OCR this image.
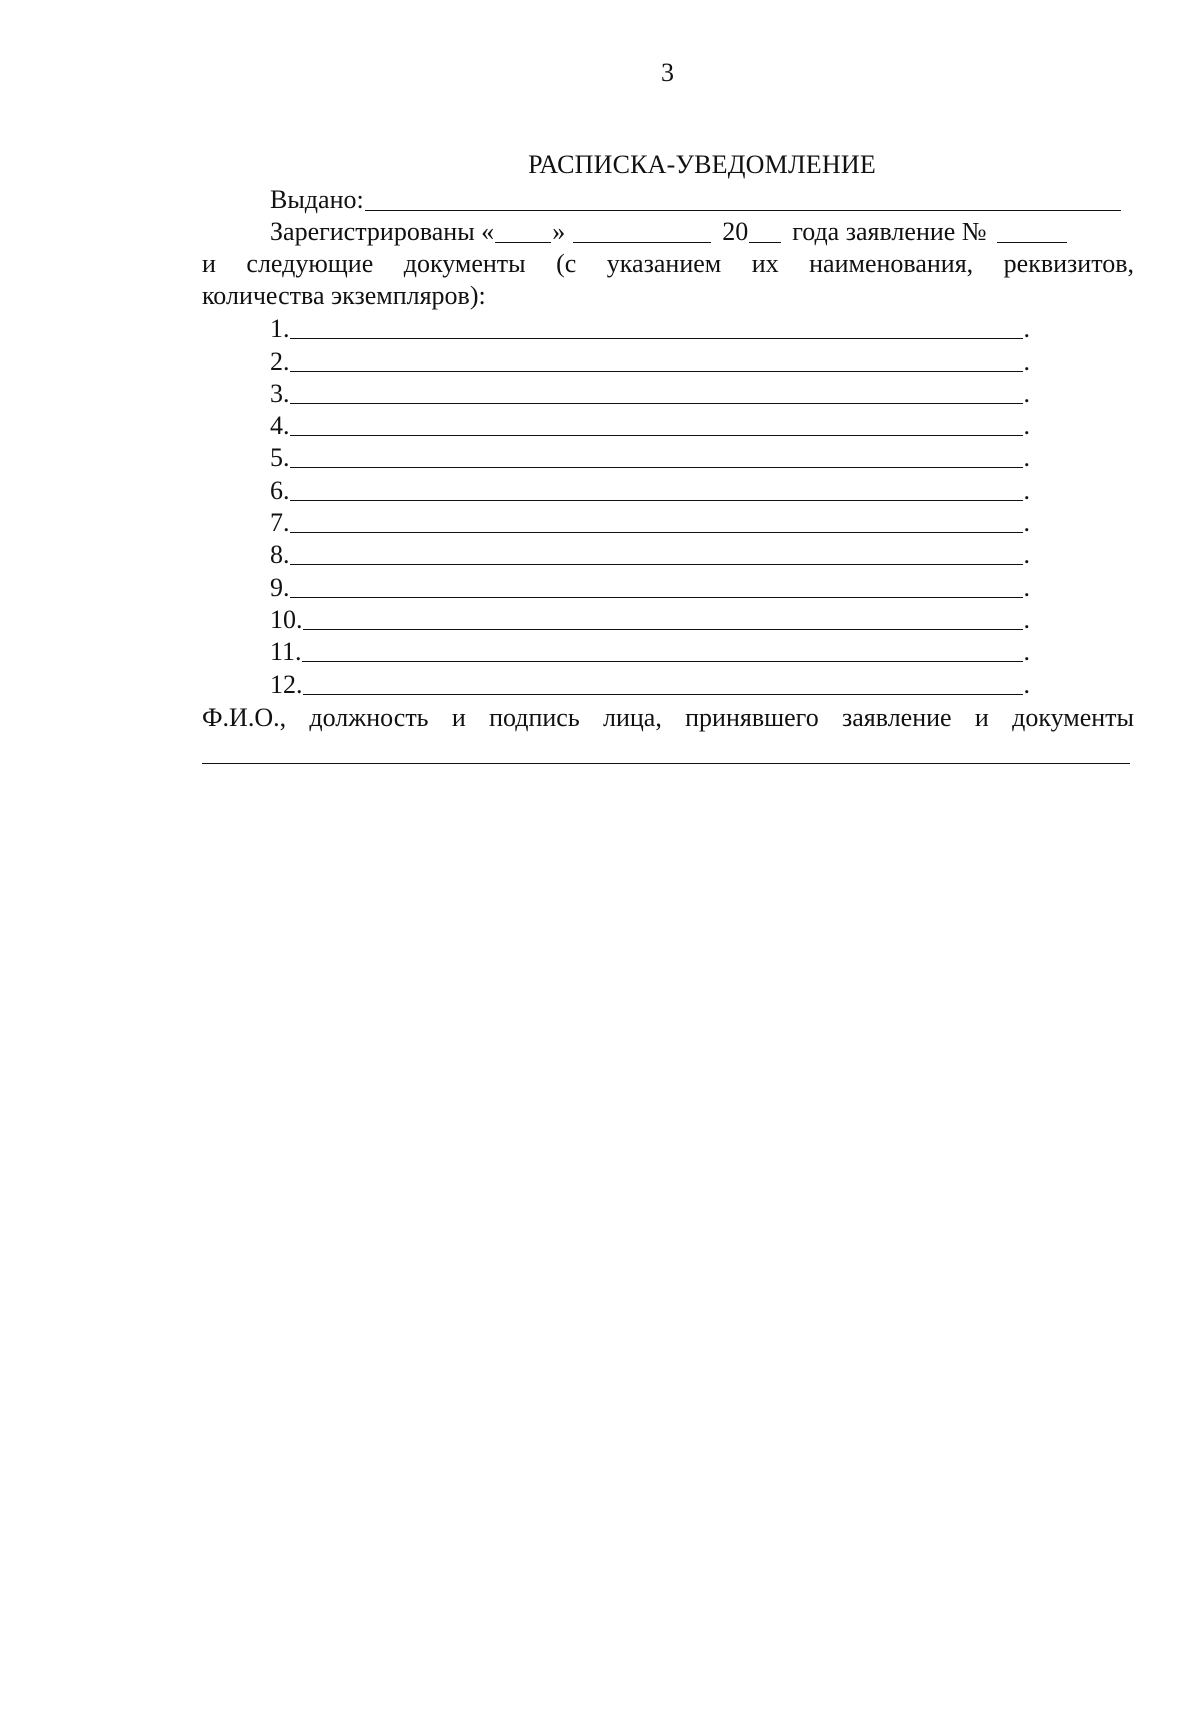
3
РАСПИСКА-УВЕДОМЛЕНИЕ
Выдано:
Зарегистрированы « »	20 года заявление №
и следующие документы (с указанием их наименования, реквизитов,
количества экземпляров):
1.	.
2.	.
3.	.
4.	.
5.	.
6.	.
7.	.
8.	.
9.	.
10.	.
11.	.
12.	.
Ф.И.О., должность и подпись лица, принявшего заявление и документы
